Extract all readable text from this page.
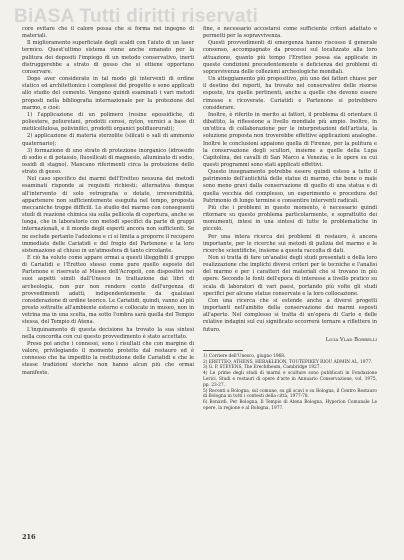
BiASA Tutti diritti riservati

core evitare che il calore possa che si forma nei ingegno di materiali.

Il miglioramento superficiale degli scaldi con l'aiuto di un laser termico. Quest'ultimo sistema viene anche emanato per la pulitura dei depositi l'impiego di un metodo conservativo, inerti distruggerebbe a strato di gesso che si ottiene opportuno conservare.

Dopo aver considerato in tal modo gli interventi di ordine statico ed architettonico i complessi del progetto e sono applicati allo studio del cemento. Vengono quindi esaminati i vari metodi proposti nella bibliografia internazionale per la protezione del marmo, e cioè:

1) l'applicazione di un polimero (resine epossidiche, di poliestere, poliuretani, prodotti cerosi, nylon, vernici a base di metilcellulosa, polivinilici, prodotti organici polifluorurati);

2) applicazione di materia sterzolite (silicati o sali di ammonio quaternario);

3) formazione di uno strato di protezione inorganico (idrossido di sodio e di potassio, fluosilicati di magnesio, alluminato di sodio, ossidi di stagno). Mancano riferimenti circa la protezione dello strato di gesso.

Nel caso specifico dei marmi dell'Eretteo nessuna dei metodi esaminati risponde ai requisiti richiesti; alternativa dunque all'intervento di solo vetrografia o dotate, irreversibilità, appartenere non sufficientemente eseguita nel tempo, proposta meccaniche troppe difficili. Lo studio del marmo con conseguenti studi di reazione chimica sia sulla pellicola di copertura, anche se lunga, che in laboratorio con metodi specifici da parte di gruppi internazionali, e il mondo degli esperti ancora non sufficienti. Se ne esclude pertanto l'adozione e ci si limita a proporre il recupero immediato delle Cariatidi e del fregio del Partenone e la loro sistemazione al chiuso in un'atmosfera di tanto circolante.

E ciò ha voluto come appare ormai a questi illeggibili il gruppo di Cariatidi e l'Eretteo stesso come pure quello esposto del Partenone e riservato al Museo dell'Acropoli, con dispositivi nei suoi aspetti simili dall'Unesco in trattazione dai libri di archeologia, non pur non rendere conto dell'urgenza di provvedimenti adatti, indipendentemente da qualsiasi considerazione di ordine teorico. Le Cariatidi, quindi, vanno al più presto sottratte all'ambiente esterno e collocate in museo, non in vetrina ma in una scelta, ma sotto l'ombra sarà quella del Tempio stessa, del Tempio di Atena.

L'inquinamento di questa decisione ha trovato la sua sintesi nella concordia con cui questo provvedimento è stato accettato.

Preso poi anche i connessi, sono i risultati che con margine di valore, privilegiando il momento protetto dal restauro ed è connesso che ha impedito la restituzione delle Cariatidi e che le stesse tradizioni storiche non hanno alcun più che ormai manifeste.

fine, e necessario accostarsi come sufficiente criteri adattato e permetti per la sopravvivenza.

Questi provvedimenti di emergenza hanno riscosso il generale consenso, accompagnato da processi sul localizzato alla loro attuazione, quanto più tempo l'Eretteo possa sia applicate in queste condizioni precedentemente e deficienza dei problemi di sopravvivenza delle collezioni archeologiche mondiali.

Un atteggiamento più propositivo, più uno dei fattori chiave per il destino dei reperti, ha trovato nel conservativo delle risorse esposte, tra quelle pertinenti, anche a quelle che devono essere rimosse e ricoverate. Cariatidi e Partenone si potrebbero considerare.

Inoltre, è riferito in merito ai fattori, il problema di orientare il dibattito, la riflessione a livello mondiale più ampio. Inoltre, in un'ottica di collaborazione per le interpretazioni dell'artista, la soluzione proposta non troverebbe effettive applicazioni analoghe. Inoltre le conclusioni appaiono quella di Firenze, per la pulitura e la conservazione degli scultori, insieme a quelle della Lupa Capitolina, dei cavalli di San Marco a Venezia; e le opere su cui questi programmi sono stati applicati effettivi.

Questo insegnamento potrebbe essere quindi esteso a tutto il patrimonio dell'antichità delle statue di marmo, che bene o male sono meno gravi dalla conservazione di quello di una statua e di quella vecchia del complesso, un esperimento e procedura del Patrimonio di lungo termine e consentire interventi radicali.

Più che i problemi in questo momento, è necessario quindi ritornare su questo problema particolarmente, e soprattutto dei monumenti, intesi in una sintesi di tutte le problematiche in piccolo.

Per una intera ricerca dei problemi di restauro, è ancora importante, per le ricerche sui metodi di pulizia del marmo e le ricerche scientifiche, insieme a questa raccolta di dati.

Non si tratta di fare un'analisi degli studi presentati e della loro realizzazione che implichi diversi criteri per le tecniche e l'analisi del marmo e per i caratteri dei materiali che si trovano in più opere. Secondo le fonti dell'epoca di interesse a livello pratico su scala di laboratori di vari paesi, portando più volte gli studi specifici per alcune statue conservate e la loro collocazione.

Con una ricerca che si estende anche a diversi progetti importanti nell'ambito della conservazione dei marmi esposti all'aperto. Nel complesso si tratta di un'opera di Carlo e delle relative indagini sul cui significato occorrerà tornare a riflettere in futuro.

Licia Vlad Borrelli

1) Corriere dell'Unesco, giugno 1968.

2) ERETTEO, ATHENS, HERAKLEION, TOUTEPIKEY RIOU ADMIN AL, 1977.

3) G. P. STEVENS, The Erechtheum, Cambridge 1927.

4) Le prime degli studi di marmi e sculture sono pubblicati in Fondazione Lerici, Studi e restauri di opere d'arte in Annuario Conservazione, vol. 1975, pp. 23-27.

5) Recenti a Bologna, sul comune, su gli scavi e su Bologna, il Centro Restauro di Bologna in tutti i contesti della città, 1977-78.

6) Bonardi, Per Bologna, Il Tempio di Atena Bologna, Hyperion Comunale Le opere, la regione e al Bologna, 1977.

216
